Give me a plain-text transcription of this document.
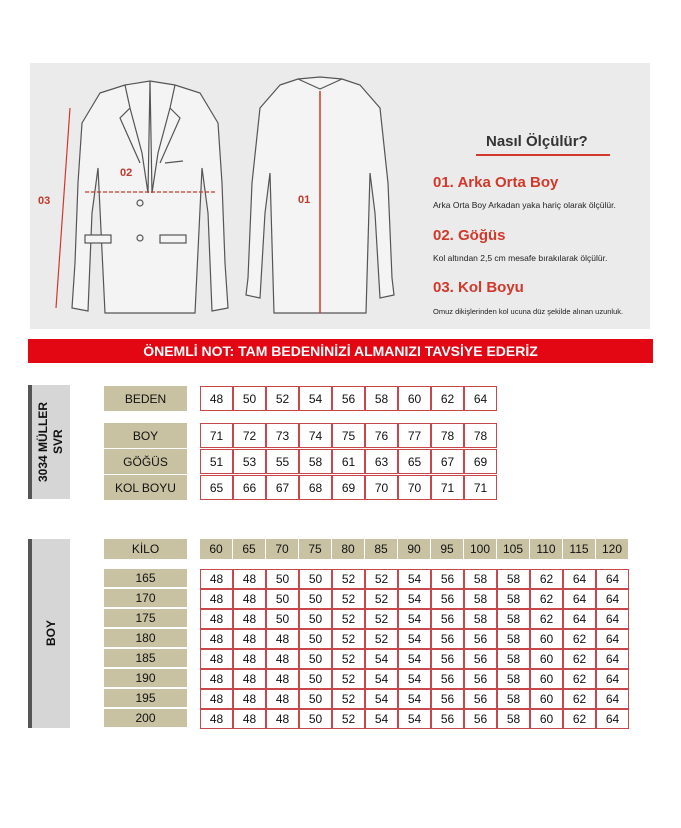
01
02
03
Nasıl Ölçülür?
01. Arka Orta Boy
Arka Orta Boy Arkadan yaka hariç olarak ölçülür.
02. Göğüs
Kol altından 2,5 cm mesafe bırakılarak ölçülür.
03. Kol Boyu
Omuz dikişlerinden kol ucuna düz şekilde alınan uzunluk.
ÖNEMLİ NOT: TAM BEDENİNİZİ ALMANIZI TAVSİYE EDERİZ
3034 MÜLLER
SVR
BOY
BEDEN	48	50	52	54	56	58	60	62	64
BOY	71	72	73	74	75	76	77	78	78
GÖĞÜS	51	53	55	58	61	63	65	67	69
KOL BOYU	65	66	67	68	69	70	70	71	71
KİLO	60	65	70	75	80	85	90	95	100	105	110	115	120
165	48	48	50	50	52	52	54	56	58	58	62	64	64
170	48	48	50	50	52	52	54	56	58	58	62	64	64
175	48	48	50	50	52	52	54	56	58	58	62	64	64
180	48	48	48	50	52	52	54	56	56	58	60	62	64
185	48	48	48	50	52	54	54	56	56	58	60	62	64
190	48	48	48	50	52	54	54	56	56	58	60	62	64
195	48	48	48	50	52	54	54	56	56	58	60	62	64
200	48	48	48	50	52	54	54	56	56	58	60	62	64
